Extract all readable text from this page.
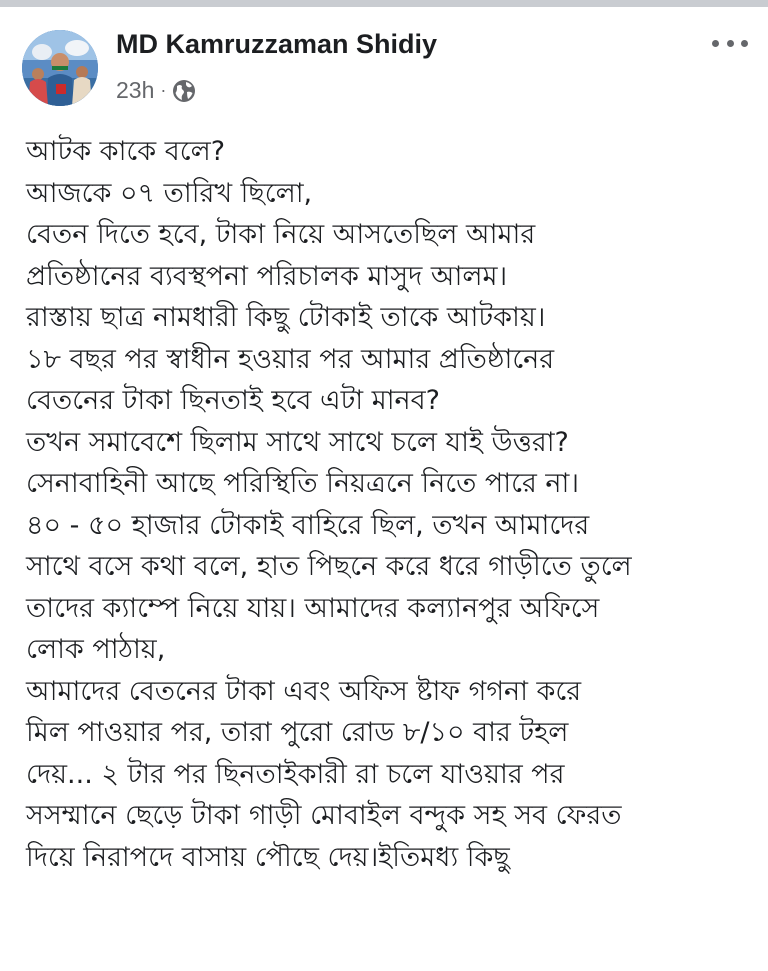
MD Kamruzzaman Shidiy
23h ·
আটক কাকে বলে?
আজকে ০৭ তারিখ ছিলো,
বেতন দিতে হবে, টাকা নিয়ে আসতেছিল আমার
প্রতিষ্ঠানের ব্যবস্থপনা পরিচালক মাসুদ আলম।
রাস্তায় ছাত্র নামধারী কিছু টোকাই তাকে আটকায়।
১৮ বছর পর স্বাধীন হওয়ার পর আমার প্রতিষ্ঠানের
বেতনের টাকা ছিনতাই হবে এটা মানব?
তখন সমাবেশে ছিলাম সাথে সাথে চলে যাই উত্তরা?
সেনাবাহিনী আছে পরিস্থিতি নিয়ত্রনে নিতে পারে না।
৪০ - ৫০ হাজার টোকাই বাহিরে ছিল, তখন আমাদের
সাথে বসে কথা বলে, হাত পিছনে করে ধরে গাড়ীতে তুলে
তাদের ক্যাম্পে নিয়ে যায়। আমাদের কল্যানপুর অফিসে
লোক পাঠায়,
আমাদের বেতনের টাকা এবং অফিস ষ্টাফ গগনা করে
মিল পাওয়ার পর, তারা পুরো রোড ৮/১০ বার টহল
দেয়... ২ টার পর ছিনতাইকারী রা চলে যাওয়ার পর
সসম্মানে ছেড়ে টাকা গাড়ী মোবাইল বন্দুক সহ সব ফেরত
দিয়ে নিরাপদে বাসায় পৌছে দেয়।ইতিমধ্য কিছু
